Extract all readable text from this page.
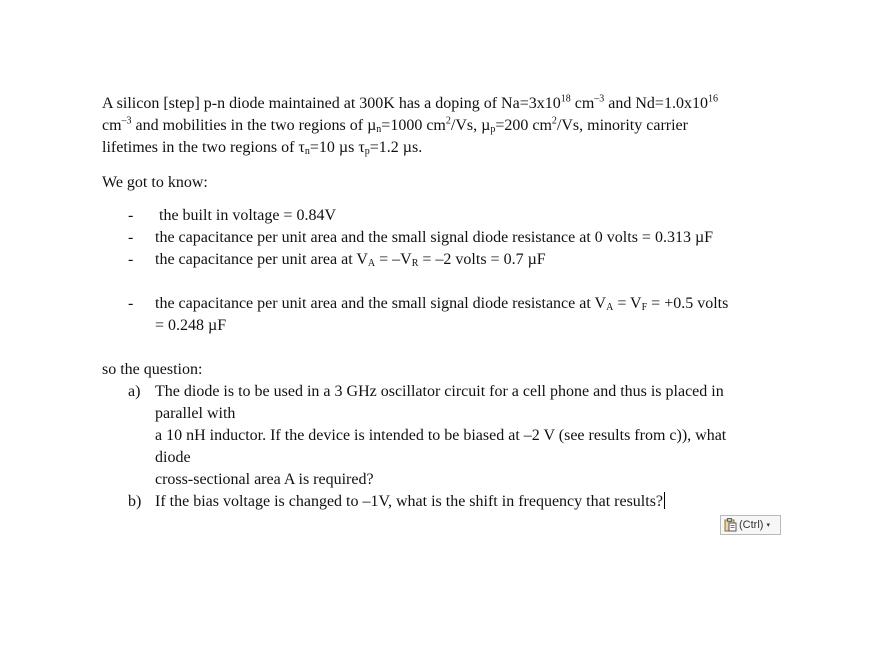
A silicon [step] p-n diode maintained at 300K has a doping of $Na=3x10^{18}$ $cm^{-3}$ and $Nd=1.0x10^{16}$
$cm^{-3}$ and mobilities in the two regions of µ$_n$=1000 $cm^2/Vs$, µ$_p$=200 $cm^2/Vs$, minority carrier
lifetimes in the two regions of $\tau_n=10$ µs $\tau_p=1.2$ µs.
We got to know:
- the built in voltage = 0.84V
- the capacitance per unit area and the small signal diode resistance at 0 volts = 0.313 µF
- the capacitance per unit area at $V_A = -V_R = -2$ volts = 0.7 µF
- the capacitance per unit area and the small signal diode resistance at $V_A = V_F = +0.5$ volts
= 0.248 µF
so the question:
a) The diode is to be used in a 3 GHz oscillator circuit for a cell phone and thus is placed in
parallel with
a 10 nH inductor. If the device is intended to be biased at –2 V (see results from c)), what
diode
cross-sectional area A is required?
b) If the bias voltage is changed to –1V, what is the shift in frequency that results?
(Ctrl) ▾
